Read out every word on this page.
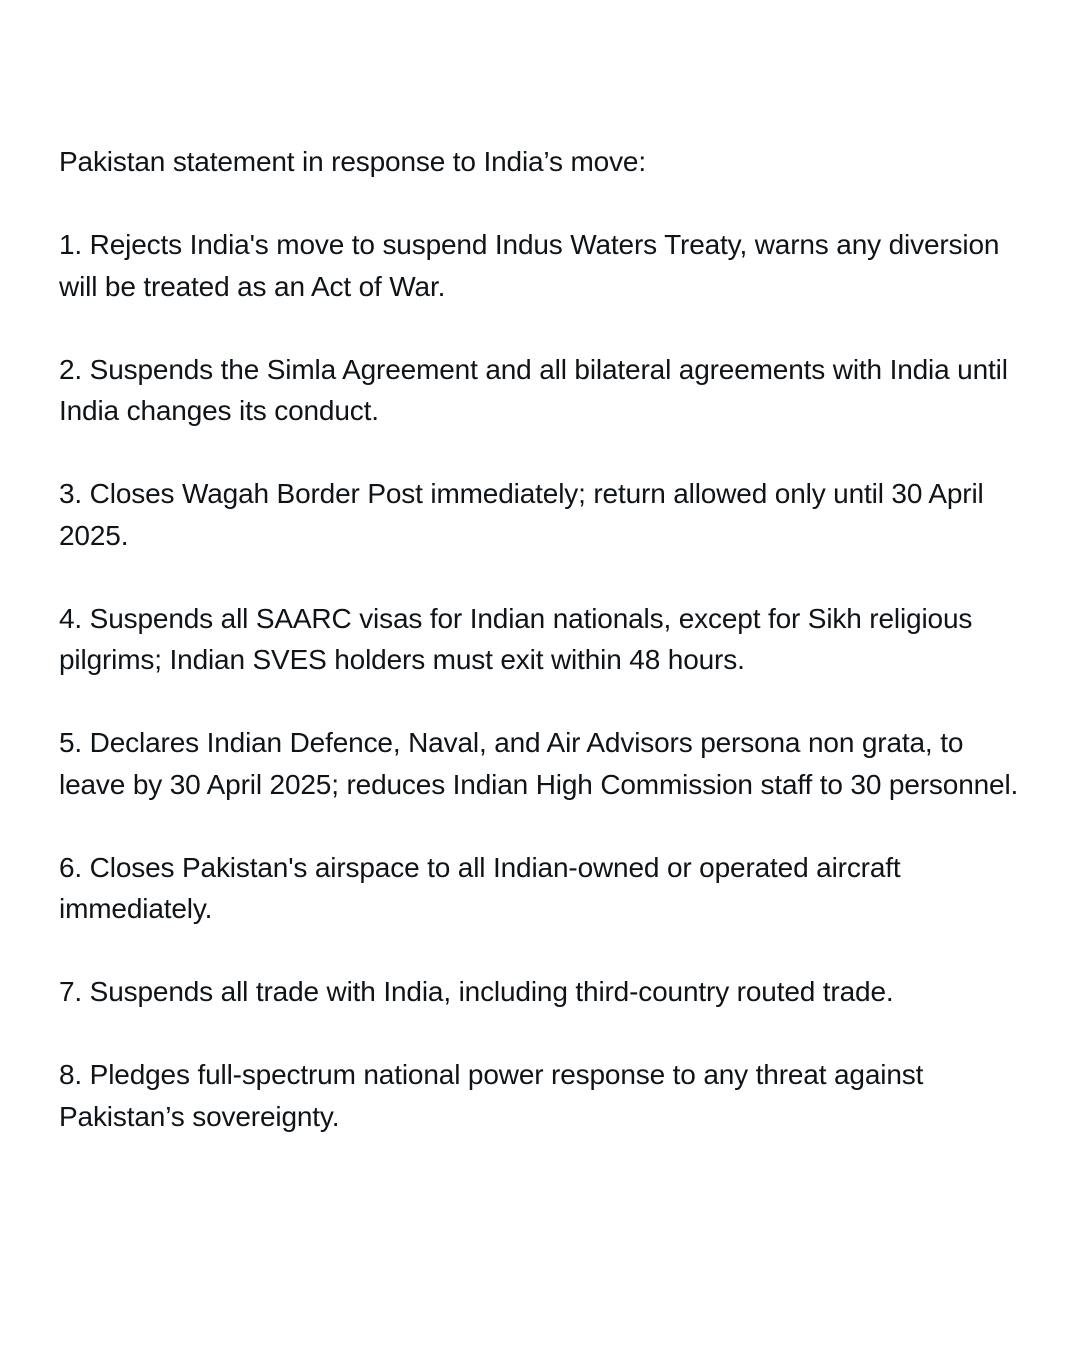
Pakistan statement in response to India’s move:

1. Rejects India's move to suspend Indus Waters Treaty, warns any diversion will be treated as an Act of War.
2. Suspends the Simla Agreement and all bilateral agreements with India until India changes its conduct.
3. Closes Wagah Border Post immediately; return allowed only until 30 April 2025.
4. Suspends all SAARC visas for Indian nationals, except for Sikh religious pilgrims; Indian SVES holders must exit within 48 hours.
5. Declares Indian Defence, Naval, and Air Advisors persona non grata, to leave by 30 April 2025; reduces Indian High Commission staff to 30 personnel.
6. Closes Pakistan's airspace to all Indian-owned or operated aircraft immediately.
7. Suspends all trade with India, including third-country routed trade.
8. Pledges full-spectrum national power response to any threat against Pakistan’s sovereignty.
